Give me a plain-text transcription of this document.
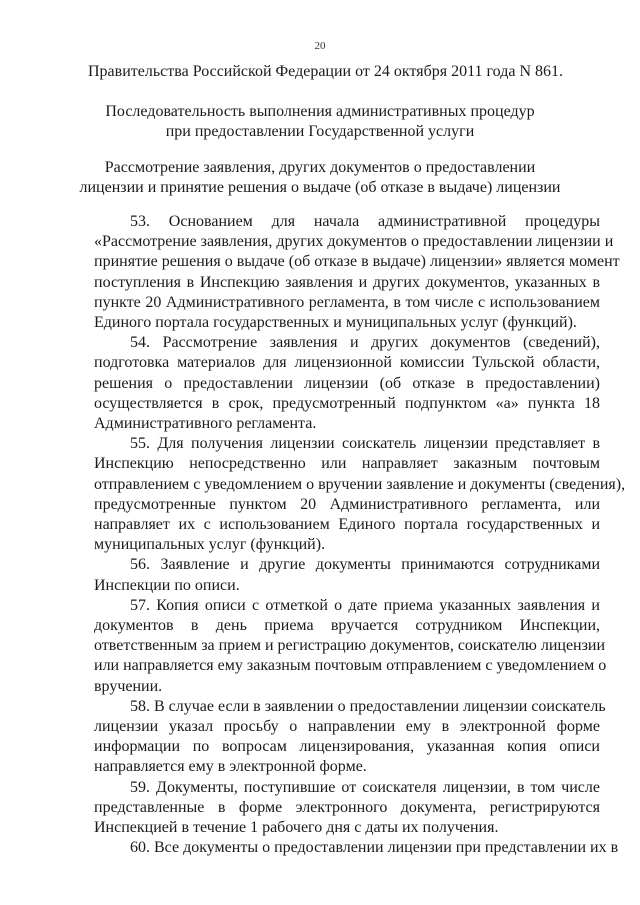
20
Правительства Российской Федерации от 24 октября 2011 года N 861.
Последовательность выполнения административных процедур
при предоставлении Государственной услуги
Рассмотрение заявления, других документов о предоставлении
лицензии и принятие решения о выдаче (об отказе в выдаче) лицензии
53. Основанием для начала административной процедуры
«Рассмотрение заявления, других документов о предоставлении лицензии и
принятие решения о выдаче (об отказе в выдаче) лицензии» является момент
поступления в Инспекцию заявления и других документов, указанных в
пункте 20 Административного регламента, в том числе с использованием
Единого портала государственных и муниципальных услуг (функций).
54. Рассмотрение заявления и других документов (сведений),
подготовка материалов для лицензионной комиссии Тульской области,
решения о предоставлении лицензии (об отказе в предоставлении)
осуществляется в срок, предусмотренный подпунктом «а» пункта 18
Административного регламента.
55. Для получения лицензии соискатель лицензии представляет в
Инспекцию непосредственно или направляет заказным почтовым
отправлением с уведомлением о вручении заявление и документы (сведения),
предусмотренные пунктом 20 Административного регламента, или
направляет их с использованием Единого портала государственных и
муниципальных услуг (функций).
56. Заявление и другие документы принимаются сотрудниками
Инспекции по описи.
57. Копия описи с отметкой о дате приема указанных заявления и
документов в день приема вручается сотрудником Инспекции,
ответственным за прием и регистрацию документов, соискателю лицензии
или направляется ему заказным почтовым отправлением с уведомлением о
вручении.
58. В случае если в заявлении о предоставлении лицензии соискатель
лицензии указал просьбу о направлении ему в электронной форме
информации по вопросам лицензирования, указанная копия описи
направляется ему в электронной форме.
59. Документы, поступившие от соискателя лицензии, в том числе
представленные в форме электронного документа, регистрируются
Инспекцией в течение 1 рабочего дня с даты их получения.
60. Все документы о предоставлении лицензии при представлении их в
